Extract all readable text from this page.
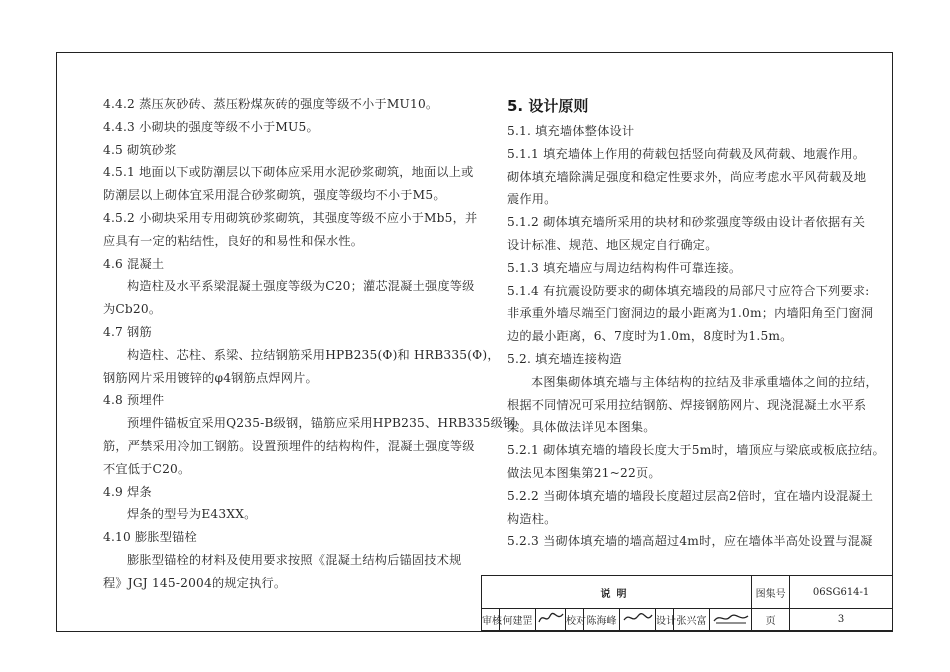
4.4.2 蒸压灰砂砖、蒸压粉煤灰砖的强度等级不小于MU10。
4.4.3 小砌块的强度等级不小于MU5。
4.5 砌筑砂浆
4.5.1 地面以下或防潮层以下砌体应采用水泥砂浆砌筑，地面以上或
防潮层以上砌体宜采用混合砂浆砌筑，强度等级均不小于M5。
4.5.2 小砌块采用专用砌筑砂浆砌筑，其强度等级不应小于Mb5，并
应具有一定的粘结性，良好的和易性和保水性。
4.6 混凝土
构造柱及水平系梁混凝土强度等级为C20；灌芯混凝土强度等级
为Cb20。
4.7 钢筋
构造柱、芯柱、系梁、拉结钢筋采用HPB235(Φ)和 HRB335(Φ)，
钢筋网片采用镀锌的φ4钢筋点焊网片。
4.8 预埋件
预埋件锚板宜采用Q235-B级钢，锚筋应采用HPB235、HRB335级钢
筋，严禁采用冷加工钢筋。设置预埋件的结构构件，混凝土强度等级
不宜低于C20。
4.9 焊条
焊条的型号为E43XX。
4.10 膨胀型锚栓
膨胀型锚栓的材料及使用要求按照《混凝土结构后锚固技术规
程》JGJ 145-2004的规定执行。
5. 设计原则
5.1. 填充墙体整体设计
5.1.1 填充墙体上作用的荷载包括竖向荷载及风荷载、地震作用。
砌体填充墙除满足强度和稳定性要求外，尚应考虑水平风荷载及地
震作用。
5.1.2 砌体填充墙所采用的块材和砂浆强度等级由设计者依据有关
设计标准、规范、地区规定自行确定。
5.1.3 填充墙应与周边结构构件可靠连接。
5.1.4 有抗震设防要求的砌体填充墙段的局部尺寸应符合下列要求:
非承重外墙尽端至门窗洞边的最小距离为1.0m；内墙阳角至门窗洞
边的最小距离，6、7度时为1.0m，8度时为1.5m。
5.2. 填充墙连接构造
本图集砌体填充墙与主体结构的拉结及非承重墙体之间的拉结，
根据不同情况可采用拉结钢筋、焊接钢筋网片、现浇混凝土水平系
梁。具体做法详见本图集。
5.2.1 砌体填充墙的墙段长度大于5m时，墙顶应与梁底或板底拉结。
做法见本图集第21~22页。
5.2.2 当砌体填充墙的墙段长度超过层高2倍时，宜在墙内设混凝土
构造柱。
5.2.3 当砌体填充墙的墙高超过4m时，应在墙体半高处设置与混凝
说明									图集号	06SG614-1
审核	何建罡		校对	陈海峰		设计	张兴富		页	3
